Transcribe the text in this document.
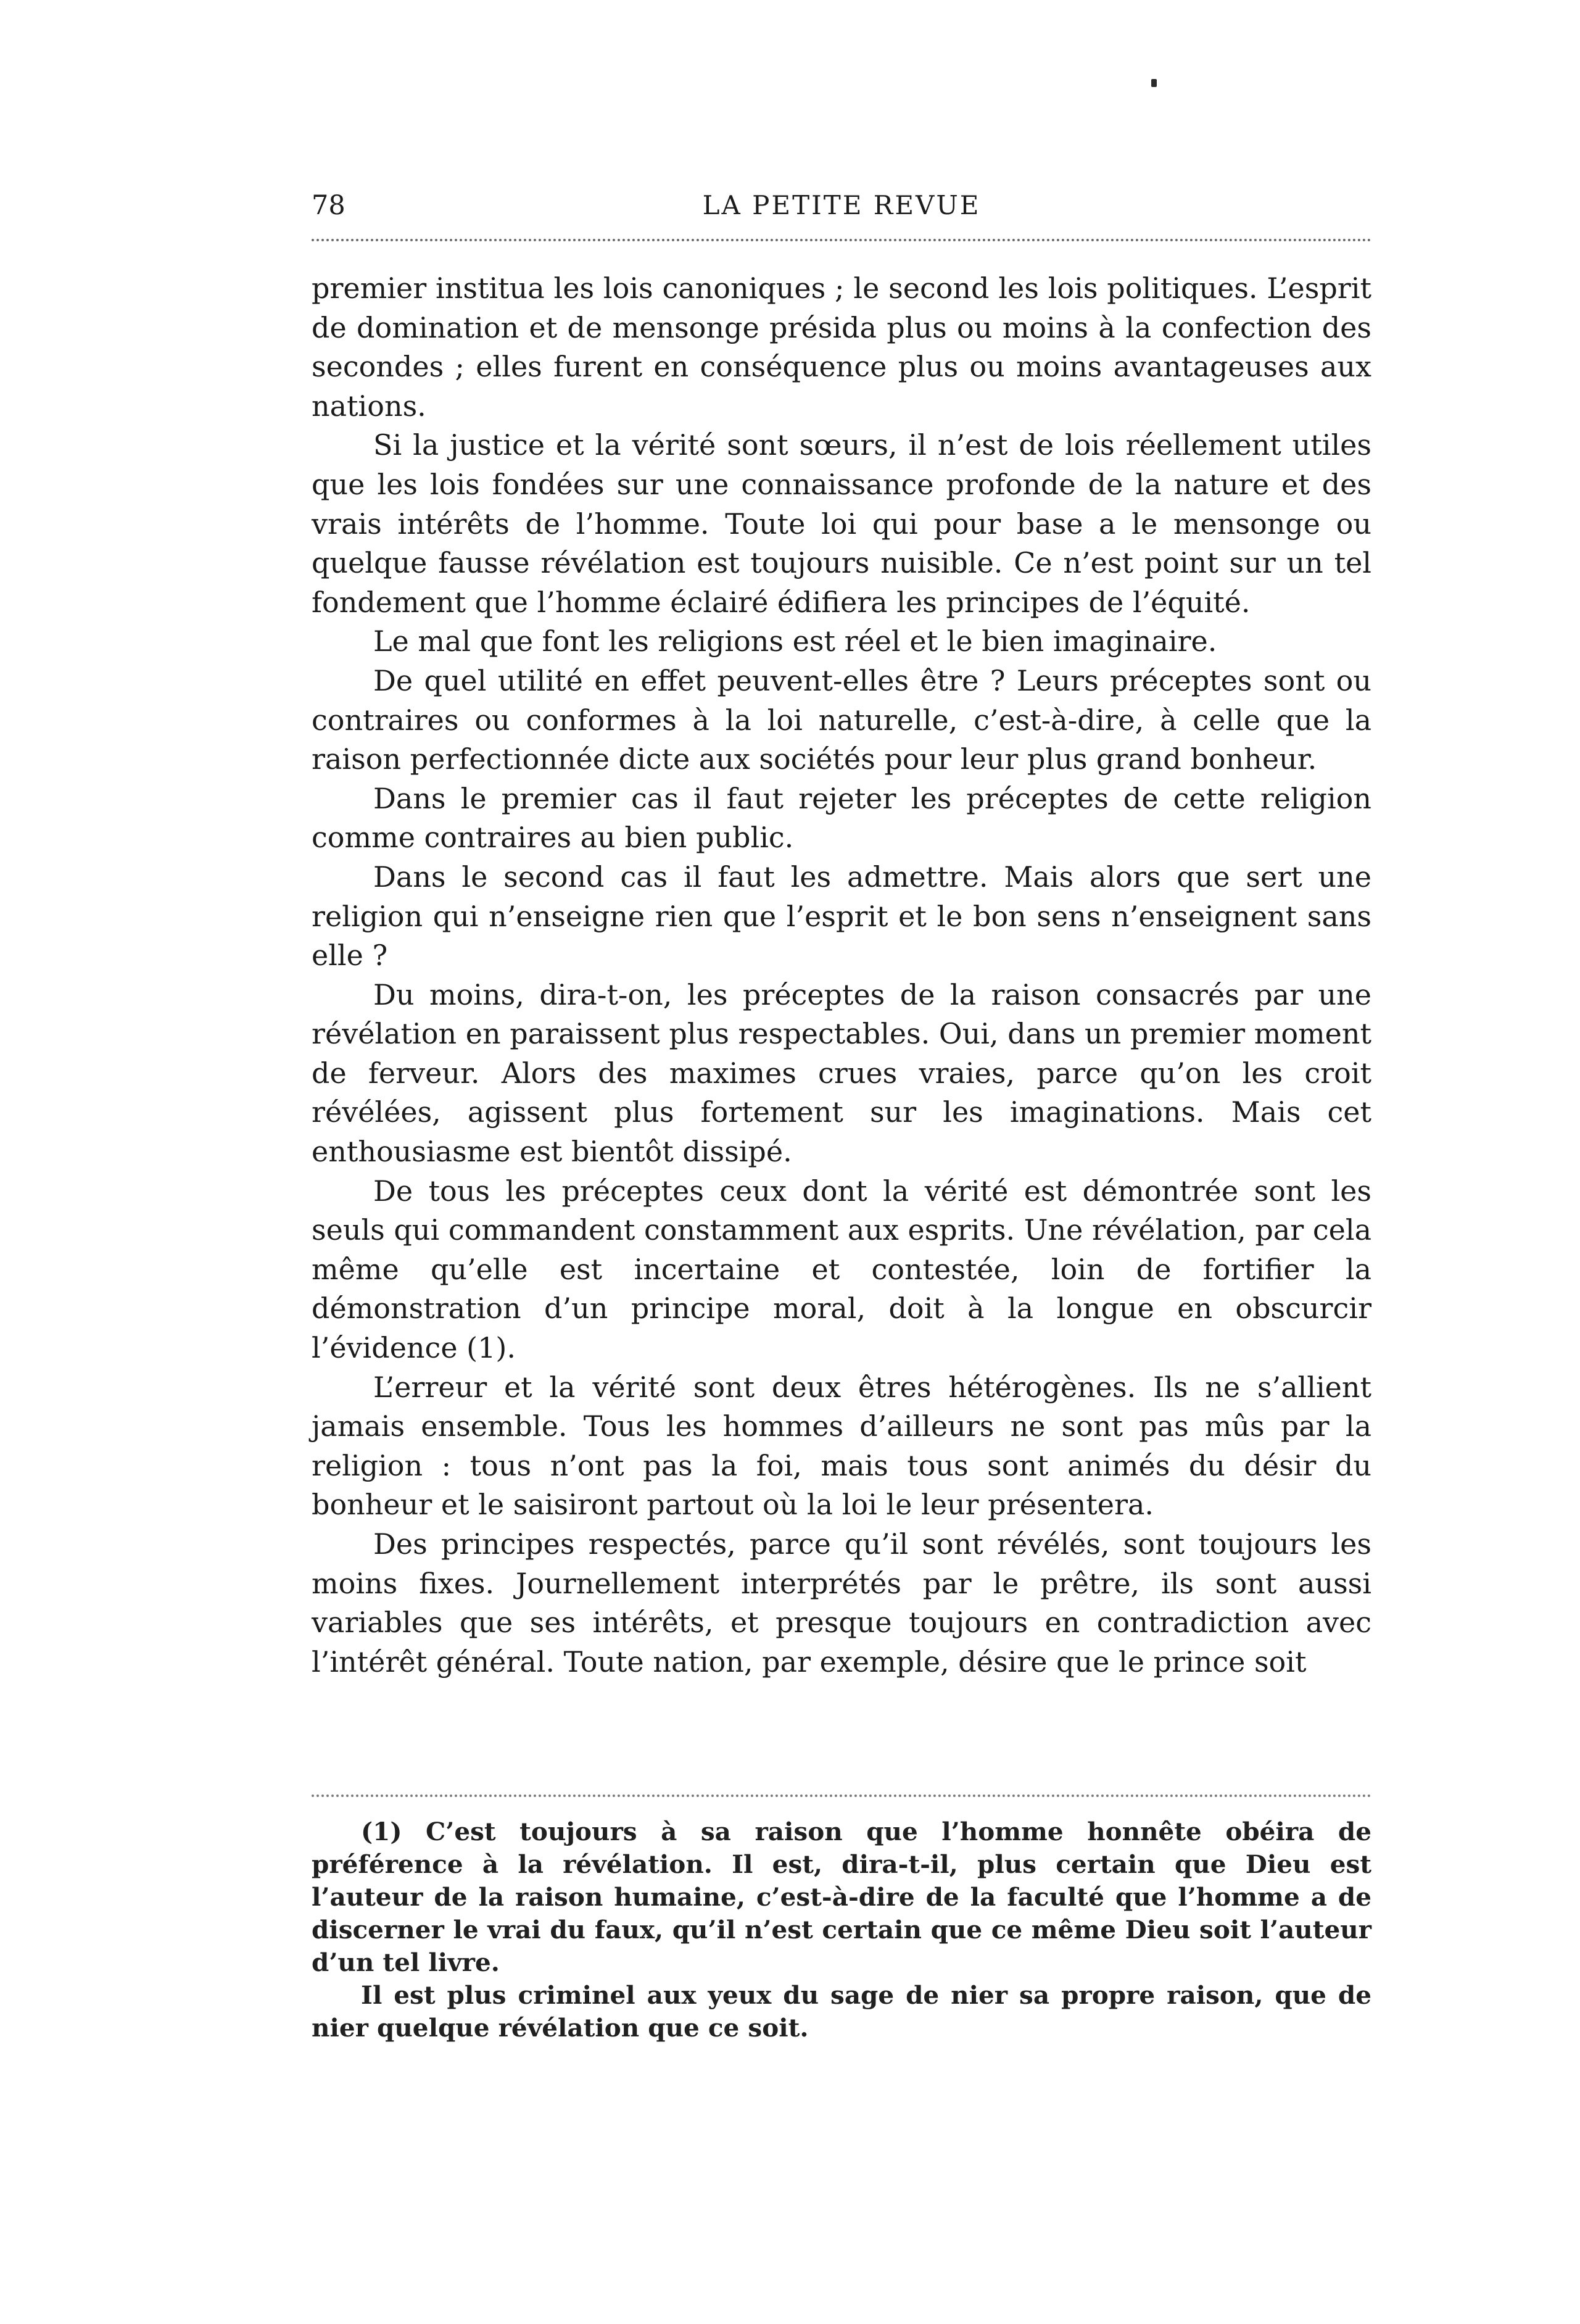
78	LA PETITE REVUE

premier institua les lois canoniques ; le second les lois politiques. L’esprit de domination et de mensonge présida plus ou moins à la confection des secondes ; elles furent en conséquence plus ou moins avantageuses aux nations.

Si la justice et la vérité sont sœurs, il n’est de lois réellement utiles que les lois fondées sur une connaissance profonde de la nature et des vrais intérêts de l’homme. Toute loi qui pour base a le mensonge ou quelque fausse révélation est toujours nuisible. Ce n’est point sur un tel fondement que l’homme éclairé édifiera les principes de l’équité.

Le mal que font les religions est réel et le bien imaginaire.

De quel utilité en effet peuvent-elles être ? Leurs préceptes sont ou contraires ou conformes à la loi naturelle, c’est-à-dire, à celle que la raison perfectionnée dicte aux sociétés pour leur plus grand bonheur.

Dans le premier cas il faut rejeter les préceptes de cette religion comme contraires au bien public.

Dans le second cas il faut les admettre. Mais alors que sert une religion qui n’enseigne rien que l’esprit et le bon sens n’enseignent sans elle ?

Du moins, dira-t-on, les préceptes de la raison consacrés par une révélation en paraissent plus respectables. Oui, dans un premier moment de ferveur. Alors des maximes crues vraies, parce qu’on les croit révélées, agissent plus fortement sur les imaginations. Mais cet enthousiasme est bientôt dissipé.

De tous les préceptes ceux dont la vérité est démontrée sont les seuls qui commandent constamment aux esprits. Une révélation, par cela même qu’elle est incertaine et contestée, loin de fortifier la démonstration d’un principe moral, doit à la longue en obscurcir l’évidence (1).

L’erreur et la vérité sont deux êtres hétérogènes. Ils ne s’allient jamais ensemble. Tous les hommes d’ailleurs ne sont pas mûs par la religion : tous n’ont pas la foi, mais tous sont animés du désir du bonheur et le saisiront partout où la loi le leur présentera.

Des principes respectés, parce qu’il sont révélés, sont toujours les moins fixes. Journellement interprétés par le prêtre, ils sont aussi variables que ses intérêts, et presque toujours en contradiction avec l’intérêt général. Toute nation, par exemple, désire que le prince soit

(1) C’est toujours à sa raison que l’homme honnête obéira de préférence à la révélation. Il est, dira-t-il, plus certain que Dieu est l’auteur de la raison humaine, c’est-à-dire de la faculté que l’homme a de discerner le vrai du faux, qu’il n’est certain que ce même Dieu soit l’auteur d’un tel livre.

Il est plus criminel aux yeux du sage de nier sa propre raison, que de nier quelque révélation que ce soit.
